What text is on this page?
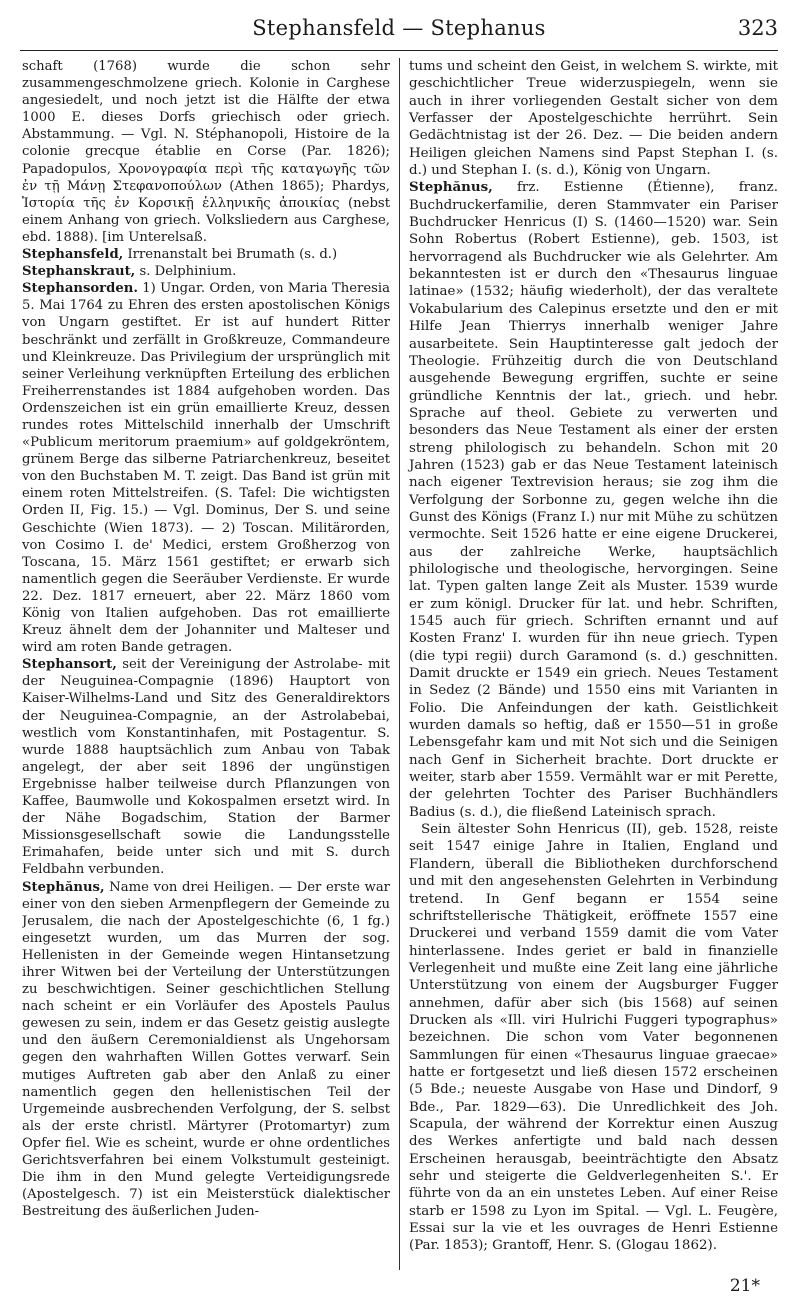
Stephansfeld — Stephanus	323

schaft (1768) wurde die schon sehr zusammengeschmolzene griech. Kolonie in Carghese angesiedelt, und noch jetzt ist die Hälfte der etwa 1000 E. dieses Dorfs griechisch oder griech. Abstammung. — Vgl. N. Stéphanopoli, Histoire de la colonie grecque établie en Corse (Par. 1826); Papadopulos, Χρονογραφία περὶ τῆς καταγωγῆς τῶν ἐν τῇ Μάνῃ Στεφανοπούλων (Athen 1865); Phardys, Ἱστορία τῆς ἐν Κορσικῇ ἑλληνικῆς ἀποικίας (nebst einem Anhang von griech. Volksliedern aus Carghese, ebd. 1888). [im Unterelsaß.

Stephansfeld, Irrenanstalt bei Brumath (s. d.)

Stephanskraut, s. Delphinium.

Stephansorden. 1) Ungar. Orden, von Maria Theresia 5. Mai 1764 zu Ehren des ersten apostolischen Königs von Ungarn gestiftet. Er ist auf hundert Ritter beschränkt und zerfällt in Großkreuze, Commandeure und Kleinkreuze. Das Privilegium der ursprünglich mit seiner Verleihung verknüpften Erteilung des erblichen Freiherrenstandes ist 1884 aufgehoben worden. Das Ordenszeichen ist ein grün emaillierte Kreuz, dessen rundes rotes Mittelschild innerhalb der Umschrift «Publicum meritorum praemium» auf goldgekröntem, grünem Berge das silberne Patriarchenkreuz, beseitet von den Buchstaben M. T. zeigt. Das Band ist grün mit einem roten Mittelstreifen. (S. Tafel: Die wichtigsten Orden II, Fig. 15.) — Vgl. Dominus, Der S. und seine Geschichte (Wien 1873). — 2) Toscan. Militärorden, von Cosimo I. de' Medici, erstem Großherzog von Toscana, 15. März 1561 gestiftet; er erwarb sich namentlich gegen die Seeräuber Verdienste. Er wurde 22. Dez. 1817 erneuert, aber 22. März 1860 vom König von Italien aufgehoben. Das rot emaillierte Kreuz ähnelt dem der Johanniter und Malteser und wird am roten Bande getragen.

Stephansort, seit der Vereinigung der Astrolabe- mit der Neuguinea-Compagnie (1896) Hauptort von Kaiser-Wilhelms-Land und Sitz des Generaldirektors der Neuguinea-Compagnie, an der Astrolabebai, westlich vom Konstantinhafen, mit Postagentur. S. wurde 1888 hauptsächlich zum Anbau von Tabak angelegt, der aber seit 1896 der ungünstigen Ergebnisse halber teilweise durch Pflanzungen von Kaffee, Baumwolle und Kokospalmen ersetzt wird. In der Nähe Bogadschim, Station der Barmer Missionsgesellschaft sowie die Landungsstelle Erimahafen, beide unter sich und mit S. durch Feldbahn verbunden.

Stephănus, Name von drei Heiligen. — Der erste war einer von den sieben Armenpflegern der Gemeinde zu Jerusalem, die nach der Apostelgeschichte (6, 1 fg.) eingesetzt wurden, um das Murren der sog. Hellenisten in der Gemeinde wegen Hintansetzung ihrer Witwen bei der Verteilung der Unterstützungen zu beschwichtigen. Seiner geschichtlichen Stellung nach scheint er ein Vorläufer des Apostels Paulus gewesen zu sein, indem er das Gesetz geistig auslegte und den äußern Ceremonialdienst als Ungehorsam gegen den wahrhaften Willen Gottes verwarf. Sein mutiges Auftreten gab aber den Anlaß zu einer namentlich gegen den hellenistischen Teil der Urgemeinde ausbrechenden Verfolgung, der S. selbst als der erste christl. Märtyrer (Protomartyr) zum Opfer fiel. Wie es scheint, wurde er ohne ordentliches Gerichtsverfahren bei einem Volkstumult gesteinigt. Die ihm in den Mund gelegte Verteidigungsrede (Apostelgesch. 7) ist ein Meisterstück dialektischer Bestreitung des äußerlichen Juden-

tums und scheint den Geist, in welchem S. wirkte, mit geschichtlicher Treue widerzuspiegeln, wenn sie auch in ihrer vorliegenden Gestalt sicher von dem Verfasser der Apostelgeschichte herrührt. Sein Gedächtnistag ist der 26. Dez. — Die beiden andern Heiligen gleichen Namens sind Papst Stephan I. (s. d.) und Stephan I. (s. d.), König von Ungarn.

Stephănus, frz. Estienne (Étienne), franz. Buchdruckerfamilie, deren Stammvater ein Pariser Buchdrucker Henricus (I) S. (1460—1520) war. Sein Sohn Robertus (Robert Estienne), geb. 1503, ist hervorragend als Buchdrucker wie als Gelehrter. Am bekanntesten ist er durch den «Thesaurus linguae latinae» (1532; häufig wiederholt), der das veraltete Vokabularium des Calepinus ersetzte und den er mit Hilfe Jean Thierrys innerhalb weniger Jahre ausarbeitete. Sein Hauptinteresse galt jedoch der Theologie. Frühzeitig durch die von Deutschland ausgehende Bewegung ergriffen, suchte er seine gründliche Kenntnis der lat., griech. und hebr. Sprache auf theol. Gebiete zu verwerten und besonders das Neue Testament als einer der ersten streng philologisch zu behandeln. Schon mit 20 Jahren (1523) gab er das Neue Testament lateinisch nach eigener Textrevision heraus; sie zog ihm die Verfolgung der Sorbonne zu, gegen welche ihn die Gunst des Königs (Franz I.) nur mit Mühe zu schützen vermochte. Seit 1526 hatte er eine eigene Druckerei, aus der zahlreiche Werke, hauptsächlich philologische und theologische, hervorgingen. Seine lat. Typen galten lange Zeit als Muster. 1539 wurde er zum königl. Drucker für lat. und hebr. Schriften, 1545 auch für griech. Schriften ernannt und auf Kosten Franz' I. wurden für ihn neue griech. Typen (die typi regii) durch Garamond (s. d.) geschnitten. Damit druckte er 1549 ein griech. Neues Testament in Sedez (2 Bände) und 1550 eins mit Varianten in Folio. Die Anfeindungen der kath. Geistlichkeit wurden damals so heftig, daß er 1550—51 in große Lebensgefahr kam und mit Not sich und die Seinigen nach Genf in Sicherheit brachte. Dort druckte er weiter, starb aber 1559. Vermählt war er mit Perette, der gelehrten Tochter des Pariser Buchhändlers Badius (s. d.), die fließend Lateinisch sprach.

Sein ältester Sohn Henricus (II), geb. 1528, reiste seit 1547 einige Jahre in Italien, England und Flandern, überall die Bibliotheken durchforschend und mit den angesehensten Gelehrten in Verbindung tretend. In Genf begann er 1554 seine schriftstellerische Thätigkeit, eröffnete 1557 eine Druckerei und verband 1559 damit die vom Vater hinterlassene. Indes geriet er bald in finanzielle Verlegenheit und mußte eine Zeit lang eine jährliche Unterstützung von einem der Augsburger Fugger annehmen, dafür aber sich (bis 1568) auf seinen Drucken als «Ill. viri Hulrichi Fuggeri typographus» bezeichnen. Die schon vom Vater begonnenen Sammlungen für einen «Thesaurus linguae graecae» hatte er fortgesetzt und ließ diesen 1572 erscheinen (5 Bde.; neueste Ausgabe von Hase und Dindorf, 9 Bde., Par. 1829—63). Die Unredlichkeit des Joh. Scapula, der während der Korrektur einen Auszug des Werkes anfertigte und bald nach dessen Erscheinen herausgab, beeinträchtigte den Absatz sehr und steigerte die Geldverlegenheiten S.'. Er führte von da an ein unstetes Leben. Auf einer Reise starb er 1598 zu Lyon im Spital. — Vgl. L. Feugère, Essai sur la vie et les ouvrages de Henri Estienne (Par. 1853); Grantoff, Henr. S. (Glogau 1862).

21*
